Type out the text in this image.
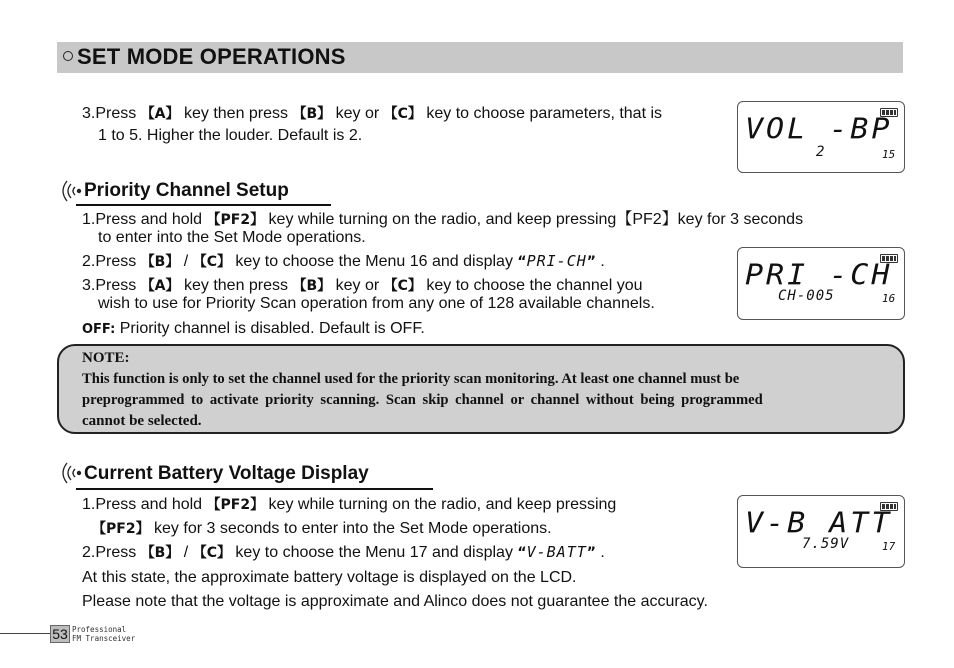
SET MODE OPERATIONS
3.Press 【A】 key then press 【B】 key or 【C】 key to choose parameters, that is
1 to 5. Higher the louder. Default is 2.	VOL -BP
2	15
Priority Channel Setup
1.Press and hold 【PF2】 key while turning on the radio, and keep pressing【PF2】key for 3 seconds
to enter into the Set Mode operations.
2.Press 【B】 / 【C】 key to choose the Menu 16 and display “PRI-CH” .
3.Press 【A】 key then press 【B】 key or 【C】 key to choose the channel you
wish to use for Priority Scan operation from any one of 128 available channels.
OFF: Priority channel is disabled. Default is OFF.
PRI -CH
CH-005	16
NOTE:
This function is only to set the channel used for the priority scan monitoring. At least one channel must be
preprogrammed to activate priority scanning. Scan skip channel or channel without being programmed
cannot be selected.
Current Battery Voltage Display
1.Press and hold 【PF2】 key while turning on the radio, and keep pressing
【PF2】 key for 3 seconds to enter into the Set Mode operations.
2.Press 【B】 / 【C】 key to choose the Menu 17 and display “V-BATT” .
At this state, the approximate battery voltage is displayed on the LCD.
Please note that the voltage is approximate and Alinco does not guarantee the accuracy.
V-B ATT
7.59V	17
53 Professional
FM Transceiver
